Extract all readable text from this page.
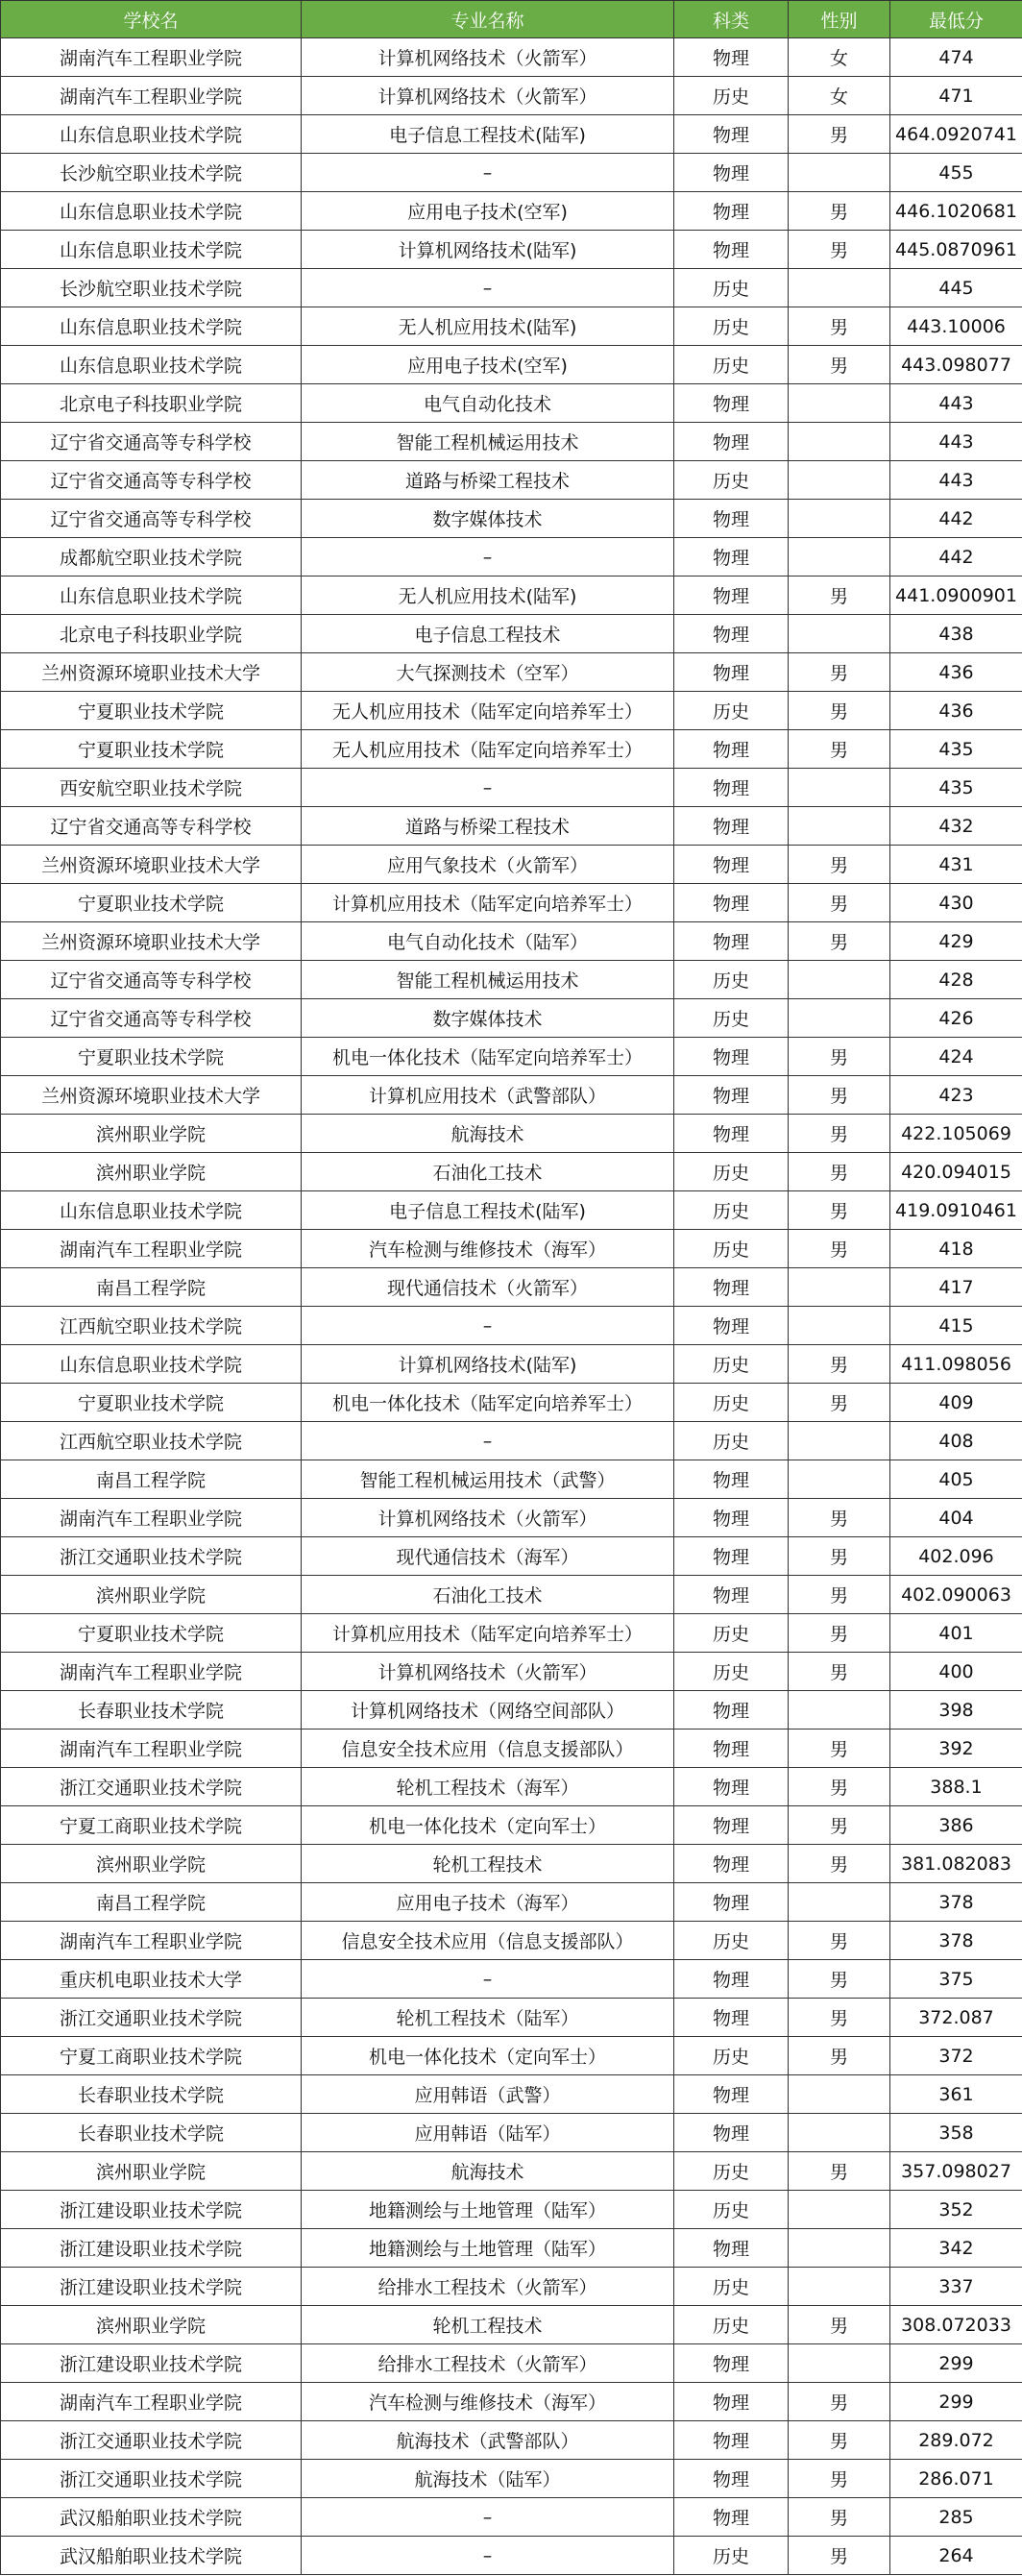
学校名	专业名称	科类	性别	最低分
湖南汽车工程职业学院	计算机网络技术（火箭军）	物理	女	474
湖南汽车工程职业学院	计算机网络技术（火箭军）	历史	女	471
山东信息职业技术学院	电子信息工程技术(陆军)	物理	男	464.0920741
长沙航空职业技术学院	–	物理		455
山东信息职业技术学院	应用电子技术(空军)	物理	男	446.1020681
山东信息职业技术学院	计算机网络技术(陆军)	物理	男	445.0870961
长沙航空职业技术学院	–	历史		445
山东信息职业技术学院	无人机应用技术(陆军)	历史	男	443.10006
山东信息职业技术学院	应用电子技术(空军)	历史	男	443.098077
北京电子科技职业学院	电气自动化技术	物理		443
辽宁省交通高等专科学校	智能工程机械运用技术	物理		443
辽宁省交通高等专科学校	道路与桥梁工程技术	历史		443
辽宁省交通高等专科学校	数字媒体技术	物理		442
成都航空职业技术学院	–	物理		442
山东信息职业技术学院	无人机应用技术(陆军)	物理	男	441.0900901
北京电子科技职业学院	电子信息工程技术	物理		438
兰州资源环境职业技术大学	大气探测技术（空军）	物理	男	436
宁夏职业技术学院	无人机应用技术（陆军定向培养军士）	历史	男	436
宁夏职业技术学院	无人机应用技术（陆军定向培养军士）	物理	男	435
西安航空职业技术学院	–	物理		435
辽宁省交通高等专科学校	道路与桥梁工程技术	物理		432
兰州资源环境职业技术大学	应用气象技术（火箭军）	物理	男	431
宁夏职业技术学院	计算机应用技术（陆军定向培养军士）	物理	男	430
兰州资源环境职业技术大学	电气自动化技术（陆军）	物理	男	429
辽宁省交通高等专科学校	智能工程机械运用技术	历史		428
辽宁省交通高等专科学校	数字媒体技术	历史		426
宁夏职业技术学院	机电一体化技术（陆军定向培养军士）	物理	男	424
兰州资源环境职业技术大学	计算机应用技术（武警部队）	物理	男	423
滨州职业学院	航海技术	物理	男	422.105069
滨州职业学院	石油化工技术	历史	男	420.094015
山东信息职业技术学院	电子信息工程技术(陆军)	历史	男	419.0910461
湖南汽车工程职业学院	汽车检测与维修技术（海军）	历史	男	418
南昌工程学院	现代通信技术（火箭军）	物理		417
江西航空职业技术学院	–	物理		415
山东信息职业技术学院	计算机网络技术(陆军)	历史	男	411.098056
宁夏职业技术学院	机电一体化技术（陆军定向培养军士）	历史	男	409
江西航空职业技术学院	–	历史		408
南昌工程学院	智能工程机械运用技术（武警）	物理		405
湖南汽车工程职业学院	计算机网络技术（火箭军）	物理	男	404
浙江交通职业技术学院	现代通信技术（海军）	物理	男	402.096
滨州职业学院	石油化工技术	物理	男	402.090063
宁夏职业技术学院	计算机应用技术（陆军定向培养军士）	历史	男	401
湖南汽车工程职业学院	计算机网络技术（火箭军）	历史	男	400
长春职业技术学院	计算机网络技术（网络空间部队）	物理		398
湖南汽车工程职业学院	信息安全技术应用（信息支援部队）	物理	男	392
浙江交通职业技术学院	轮机工程技术（海军）	物理	男	388.1
宁夏工商职业技术学院	机电一体化技术（定向军士）	物理	男	386
滨州职业学院	轮机工程技术	物理	男	381.082083
南昌工程学院	应用电子技术（海军）	物理		378
湖南汽车工程职业学院	信息安全技术应用（信息支援部队）	历史	男	378
重庆机电职业技术大学	–	物理	男	375
浙江交通职业技术学院	轮机工程技术（陆军）	物理	男	372.087
宁夏工商职业技术学院	机电一体化技术（定向军士）	历史	男	372
长春职业技术学院	应用韩语（武警）	物理		361
长春职业技术学院	应用韩语（陆军）	物理		358
滨州职业学院	航海技术	历史	男	357.098027
浙江建设职业技术学院	地籍测绘与土地管理（陆军）	历史		352
浙江建设职业技术学院	地籍测绘与土地管理（陆军）	物理		342
浙江建设职业技术学院	给排水工程技术（火箭军）	历史		337
滨州职业学院	轮机工程技术	历史	男	308.072033
浙江建设职业技术学院	给排水工程技术（火箭军）	物理		299
湖南汽车工程职业学院	汽车检测与维修技术（海军）	物理	男	299
浙江交通职业技术学院	航海技术（武警部队）	物理	男	289.072
浙江交通职业技术学院	航海技术（陆军）	物理	男	286.071
武汉船舶职业技术学院	–	物理	男	285
武汉船舶职业技术学院	–	历史	男	264
